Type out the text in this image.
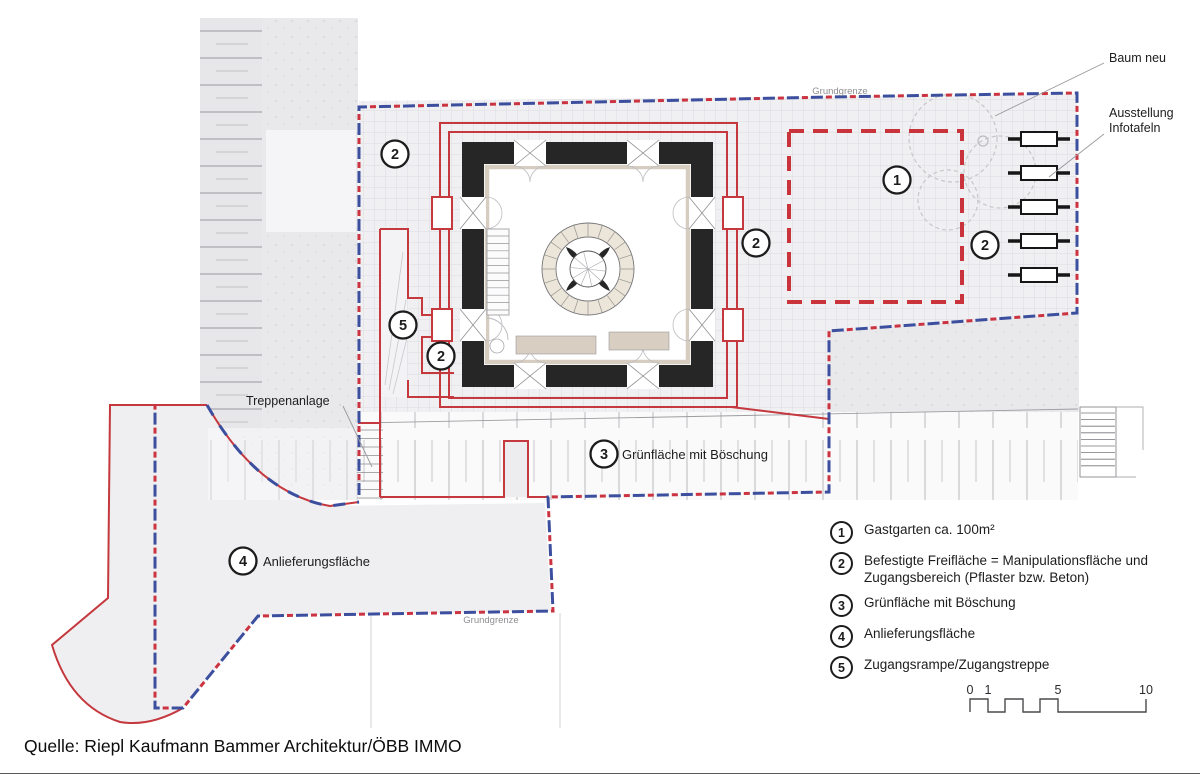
2
1
2	2
5
2
3
4
Baum neu
Ausstellung
Infotafeln
Treppenanlage
Grünfläche mit Böschung
Anlieferungsfläche
Grundgrenze
Grundgrenze
0 1	5	10
1	Gastgarten ca. 100m²
2	Befestigte Freifläche = Manipulationsfläche und
Zugangsbereich (Pflaster bzw. Beton)
3	Grünfläche mit Böschung
4	Anlieferungsfläche
5	Zugangsrampe/Zugangstreppe
Quelle: Riepl Kaufmann Bammer Architektur/ÖBB IMMO
